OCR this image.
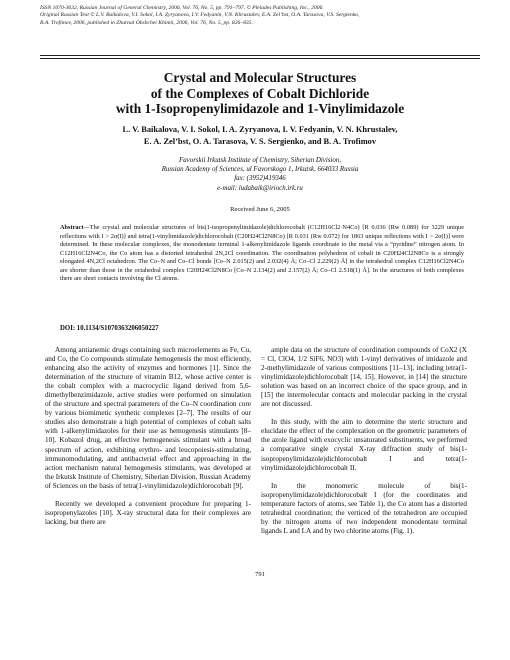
ISSN 1070-3632, Russian Journal of General Chemistry, 2006, Vol. 76, No. 5, pp. 791–797. © Pleiades Publishing, Inc., 2006.
Original Russian Text © L.V. Baikalova, V.I. Sokol, I.A. Zyryanova, I.V. Fedyanin, V.N. Khrustalev, E.A. Zel’bst, O.A. Tarasova, V.S. Sergienko,
B.A. Trofimov, 2006, published in Zhurnal Obshchei Khimii, 2006, Vol. 76, No. 5, pp. 826–835.
Crystal and Molecular Structures
of the Complexes of Cobalt Dichloride
with 1-Isopropenylimidazole and 1-Vinylimidazole
L. V. Baikalova, V. I. Sokol, I. A. Zyryanova, I. V. Fedyanin, V. N. Khrustalev,
E. A. Zel’bst, O. A. Tarasova, V. S. Sergienko, and B. A. Trofimov
Favorskii Irkutsk Institute of Chemistry, Siberian Division,
Russian Academy of Sciences, ul Favorskogo 1, Irkutsk, 664033 Russia
fax: (3952)419346
e-mail: ludabaik@irioch.irk.ru
Received June 6, 2005
Abstract—The crystal and molecular structures of bis(1-isopropenylimidazole)dichlorocobalt (C12H16Cl2·N4Co) [R 0.036 (Rw 0.089) for 3229 unique reflections with I > 2σ(I)] and tetra(1-vinylimidazole)dichlorocobalt (C20H24Cl2N8Co) [R 0.031 (Rw 0.072) for 1863 unique reflections with I > 2σ(I)] were determined. In these molecular complexes, the monodentate terminal 1-alkenylimidazole ligands coordinate to the metal via a “pyridine” nitrogen atom. In C12H16Cl2N4Co, the Co atom has a distorted tetrahedral 2N,2Cl coordination. The coordination polyhedron of cobalt in C20H24Cl2N8Co is a strongly elongated 4N,2Cl octahedron. The Co–N and Co–Cl bonds [Co–N 2.015(2) and 2.032(4) Å; Co–Cl 2.229(2) Å] in the tetrahedral complex C12H16Cl2N4Co are shorter than those in the octahedral complex C20H24Cl2N8Co [Co–N 2.134(2) and 2.157(2) Å; Co–Cl 2.518(1) Å]. In the structures of both complexes there are short contacts involving the Cl atoms.
DOI: 10.1134/S1070363206050227

Among antianemic drugs containing such microelements as Fe, Cu, and Co, the Co compounds stimulate hemogenesis the most efficiently, enhancing also the activity of enzymes and hormones [1]. Since the determination of the structure of vitamin B12, whose active center is the cobalt complex with a macrocyclic ligand derived from 5,6-dimethylbenzimidazole, active studies were performed on simulation of the structure and spectral parameters of the Co–N coordination core by various biomimetic synthetic complexes [2–7]. The results of our studies also demonstrate a high potential of complexes of cobalt salts with 1-alkenylimidazoles for their use as hemogenesis stimulants [8–10]. Kobazol drug, an effective hemogenesis stimulant with a broad spectrum of action, exhibiting erythro- and leucopoiesis-stimulating, immunomodulating, and antibacterial effect and approaching in the action mechanism natural hemogenesis stimulants, was developed at the Irkutsk Institute of Chemistry, Siberian Division, Russian Academy of Sciences on the basis of tetra(1-vinylimidazole)dichlorocobalt [9].

Recently we developed a convenient procedure for preparing 1-isopropenylazoles [10]. X-ray structural data for their complexes are lacking, but there are

ample data on the structure of coordination compounds of CoX2 (X = Cl, ClO4, 1/2 SiF6, NO3) with 1-vinyl derivatives of imidazole and 2-methylimidazole of various compositions [11–13], including tetra(1-vinylimidazole)dichlorocobalt [14, 15]. However, in [14] the structure solution was based on an incorrect choice of the space group, and in [15] the intermolecular contacts and molecular packing in the crystal are not discussed.

In this study, with the aim to determine the steric structure and elucidate the effect of the complexation on the geometric parameters of the azole ligand with exocyclic unsaturated substituents, we performed a comparative single crystal X-ray diffraction study of bis(1-isopropenylimidazole)dichlorocobalt I and tetra(1-vinylimidazole)dichlorocobalt II.

In the monomeric molecule of bis(1-isopropenylimidazole)dichlorocobalt I (for the coordinates and temperature factors of atoms, see Table 1), the Co atom has a distorted tetrahedral coordination; the verticed of the tetrahedron are occupied by the nitrogen atoms of two independent monodentate terminal ligands L and LA and by two chlorine atoms (Fig. 1).

791
